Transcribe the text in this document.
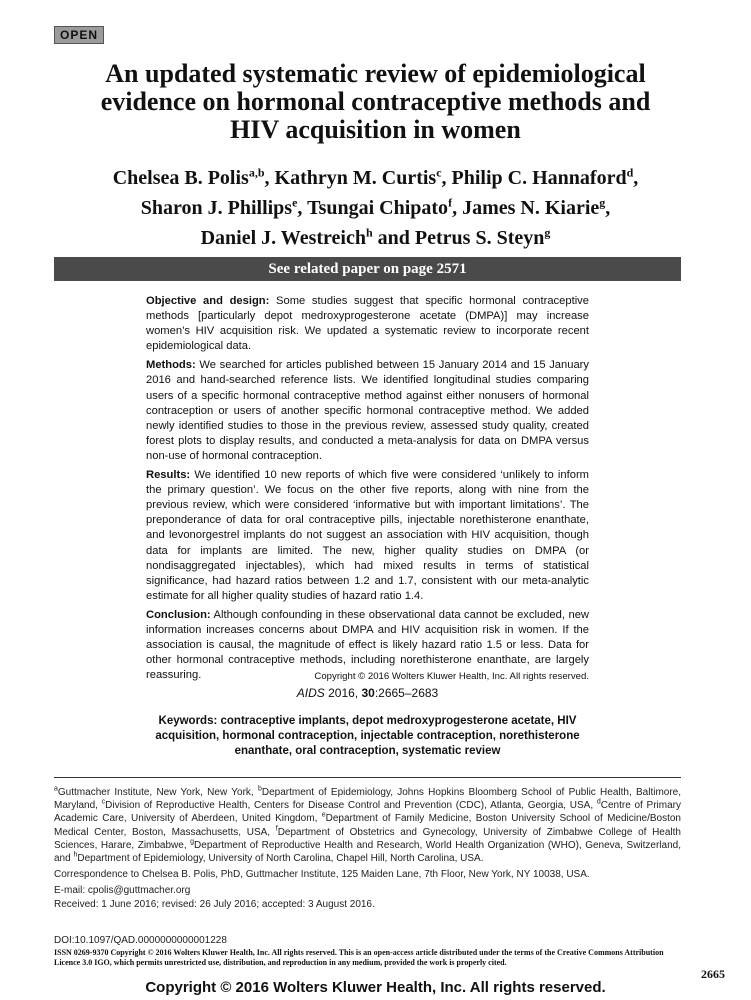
OPEN
An updated systematic review of epidemiological
evidence on hormonal contraceptive methods and
HIV acquisition in women
Chelsea B. Polis$^{a,b}$, Kathryn M. Curtis$^c$, Philip C. Hannaford$^d$,
Sharon J. Phillips$^e$, Tsungai Chipato$^f$, James N. Kiarie$^g$,
Daniel J. Westreich$^h$ and Petrus S. Steyn$^g$
See related paper on page 2571

Objective and design: Some studies suggest that specific hormonal contraceptive methods [particularly depot medroxyprogesterone acetate (DMPA)] may increase women’s HIV acquisition risk. We updated a systematic review to incorporate recent epidemiological data.

Methods: We searched for articles published between 15 January 2014 and 15 January 2016 and hand-searched reference lists. We identified longitudinal studies comparing users of a specific hormonal contraceptive method against either nonusers of hormonal contraception or users of another specific hormonal contraceptive method. We added newly identified studies to those in the previous review, assessed study quality, created forest plots to display results, and conducted a meta-analysis for data on DMPA versus non-use of hormonal contraception.

Results: We identified 10 new reports of which five were considered ‘unlikely to inform the primary question’. We focus on the other five reports, along with nine from the previous review, which were considered ‘informative but with important limitations’. The preponderance of data for oral contraceptive pills, injectable norethisterone enanthate, and levonorgestrel implants do not suggest an association with HIV acquisition, though data for implants are limited. The new, higher quality studies on DMPA (or nondisaggregated injectables), which had mixed results in terms of statistical significance, had hazard ratios between 1.2 and 1.7, consistent with our meta-analytic estimate for all higher quality studies of hazard ratio 1.4.

Conclusion: Although confounding in these observational data cannot be excluded, new information increases concerns about DMPA and HIV acquisition risk in women. If the association is causal, the magnitude of effect is likely hazard ratio 1.5 or less. Data for other hormonal contraceptive methods, including norethisterone enanthate, are largely reassuring.	Copyright © 2016 Wolters Kluwer Health, Inc. All rights reserved.

AIDS 2016, 30:2665–2683
Keywords: contraceptive implants, depot medroxyprogesterone acetate, HIV acquisition, hormonal contraception, injectable contraception, norethisterone enanthate, oral contraception, systematic review

$^a$Guttmacher Institute, New York, New York, $^b$Department of Epidemiology, Johns Hopkins Bloomberg School of Public Health, Baltimore, Maryland, $^c$Division of Reproductive Health, Centers for Disease Control and Prevention (CDC), Atlanta, Georgia, USA, $^d$Centre of Primary Academic Care, University of Aberdeen, United Kingdom, $^e$Department of Family Medicine, Boston University School of Medicine/Boston Medical Center, Boston, Massachusetts, USA, $^f$Department of Obstetrics and Gynecology, University of Zimbabwe College of Health Sciences, Harare, Zimbabwe, $^g$Department of Reproductive Health and Research, World Health Organization (WHO), Geneva, Switzerland, and $^h$Department of Epidemiology, University of North Carolina, Chapel Hill, North Carolina, USA.

Correspondence to Chelsea B. Polis, PhD, Guttmacher Institute, 125 Maiden Lane, 7th Floor, New York, NY 10038, USA.

E-mail: cpolis@guttmacher.org

Received: 1 June 2016; revised: 26 July 2016; accepted: 3 August 2016.

DOI:10.1097/QAD.0000000000001228
ISSN 0269-9370 Copyright © 2016 Wolters Kluwer Health, Inc. All rights reserved. This is an open-access article distributed under the terms of the Creative Commons Attribution Licence 3.0 IGO, which permits unrestricted use, distribution, and reproduction in any medium, provided the work is properly cited.
2665
Copyright © 2016 Wolters Kluwer Health, Inc. All rights reserved.
